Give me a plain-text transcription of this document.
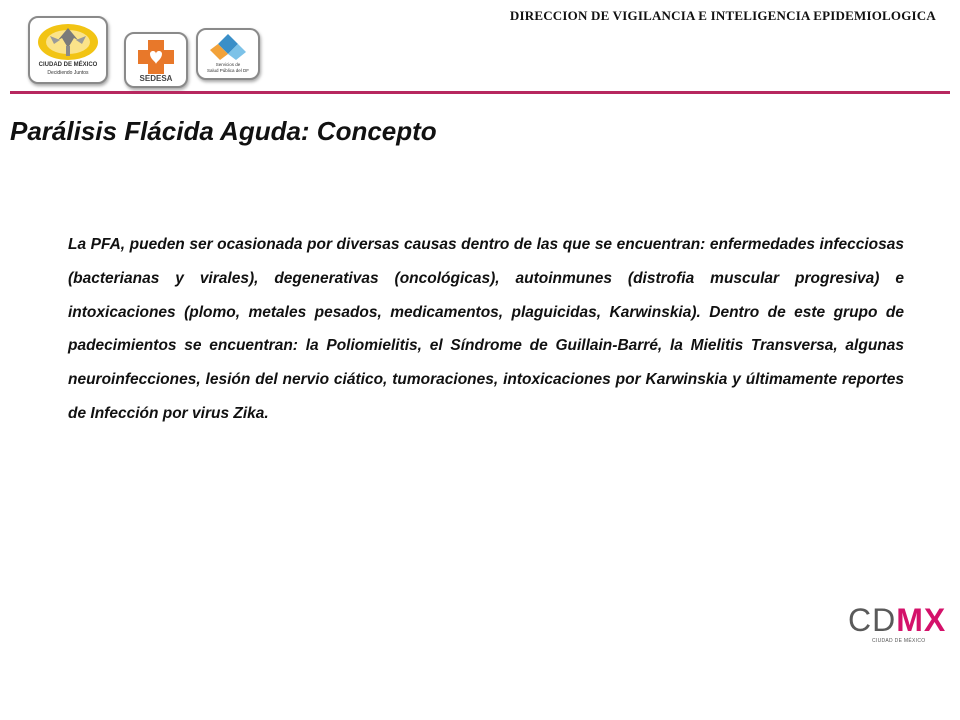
DIRECCION DE VIGILANCIA E INTELIGENCIA EPIDEMIOLOGICA
CIUDAD DE MÉXICO
Decidiendo Juntos
SEDESA
Servicios de
Salud Pública del DF
Parálisis Flácida Aguda: Concepto

La PFA, pueden ser ocasionada por diversas causas dentro de las que se encuentran: enfermedades infecciosas (bacterianas y virales), degenerativas (oncológicas), autoinmunes (distrofia muscular progresiva) e intoxicaciones (plomo, metales pesados, medicamentos, plaguicidas, Karwinskia). Dentro de este grupo de padecimientos se encuentran: la Poliomielitis, el Síndrome de Guillain-Barré, la Mielitis Transversa, algunas neuroinfecciones, lesión del nervio ciático, tumoraciones, intoxicaciones por Karwinskia y últimamente reportes de Infección por virus Zika.

CDMX
CIUDAD DE MÉXICO
